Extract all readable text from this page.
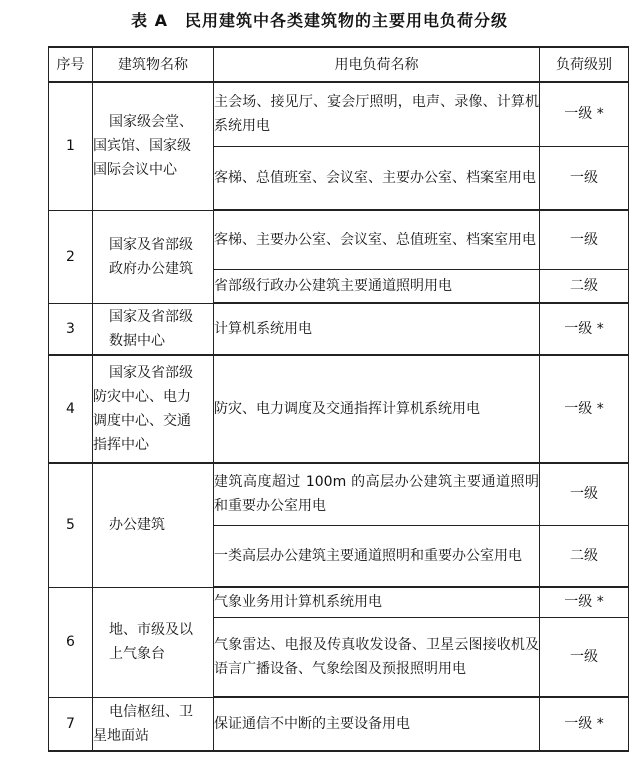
表 A　民用建筑中各类建筑物的主要用电负荷分级
序号	建筑物名称	用电负荷名称	负荷级别
1	国家级会堂、
国宾馆、国家级
国际会议中心	主会场、接见厅、宴会厅照明，电声、录像、计算机系统用电	一级 *
		客梯、总值班室、会议室、主要办公室、档案室用电	一级
2	国家及省部级
政府办公建筑	客梯、主要办公室、会议室、总值班室、档案室用电	一级
		省部级行政办公建筑主要通道照明用电	二级
3	国家及省部级
数据中心	计算机系统用电	一级 *
4	国家及省部级
防灾中心、电力
调度中心、交通
指挥中心	防灾、电力调度及交通指挥计算机系统用电	一级 *
5	办公建筑	建筑高度超过 100m 的高层办公建筑主要通道照明和重要办公室用电	一级
		一类高层办公建筑主要通道照明和重要办公室用电	二级
6	地、市级及以
上气象台	气象业务用计算机系统用电	一级 *
		气象雷达、电报及传真收发设备、卫星云图接收机及语言广播设备、气象绘图及预报照明用电	一级
7	电信枢纽、卫
星地面站	保证通信不中断的主要设备用电	一级 *
